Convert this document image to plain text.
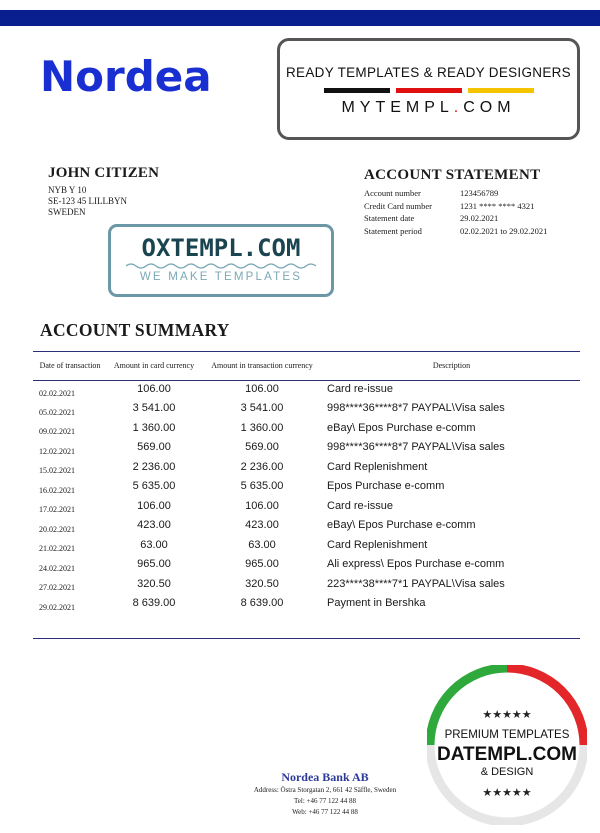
Nordea	READY TEMPLATES & READY DESIGNERS
MYTEMPL.COM
JOHN CITIZEN
NYB Y 10
SE-123 45 LILLBYN
SWEDEN
ACCOUNT STATEMENT
Account number	123456789
Credit Card number	1231 **** **** 4321
Statement date	29.02.2021
Statement period	02.02.2021 to 29.02.2021
OXTEMPL.COM
WE MAKE TEMPLATES
ACCOUNT SUMMARY
Date of transaction	Amount in card currency	Amount in transaction currency	Description
02.02.2021	106.00	106.00	Card re-issue
05.02.2021	3 541.00	3 541.00	998****36****8*7 PAYPAL\Visa sales
09.02.2021	1 360.00	1 360.00	eBay\ Epos Purchase e-comm
12.02.2021	569.00	569.00	998****36****8*7 PAYPAL\Visa sales
15.02.2021	2 236.00	2 236.00	Card Replenishment
16.02.2021	5 635.00	5 635.00	Epos Purchase e-comm
17.02.2021	106.00	106.00	Card re-issue
20.02.2021	423.00	423.00	eBay\ Epos Purchase e-comm
21.02.2021	63.00	63.00	Card Replenishment
24.02.2021	965.00	965.00	Ali express\ Epos Purchase e-comm
27.02.2021	320.50	320.50	223****38****7*1 PAYPAL\Visa sales
29.02.2021	8 639.00	8 639.00	Payment in Bershka
Nordea Bank AB
Address: Östra Storgatan 2, 661 42 Säffle, Sweden
Tel: +46 77 122 44 88
Web: +46 77 122 44 88
★★★★★
PREMIUM TEMPLATES
DATEMPL.COM
& DESIGN
★★★★★
